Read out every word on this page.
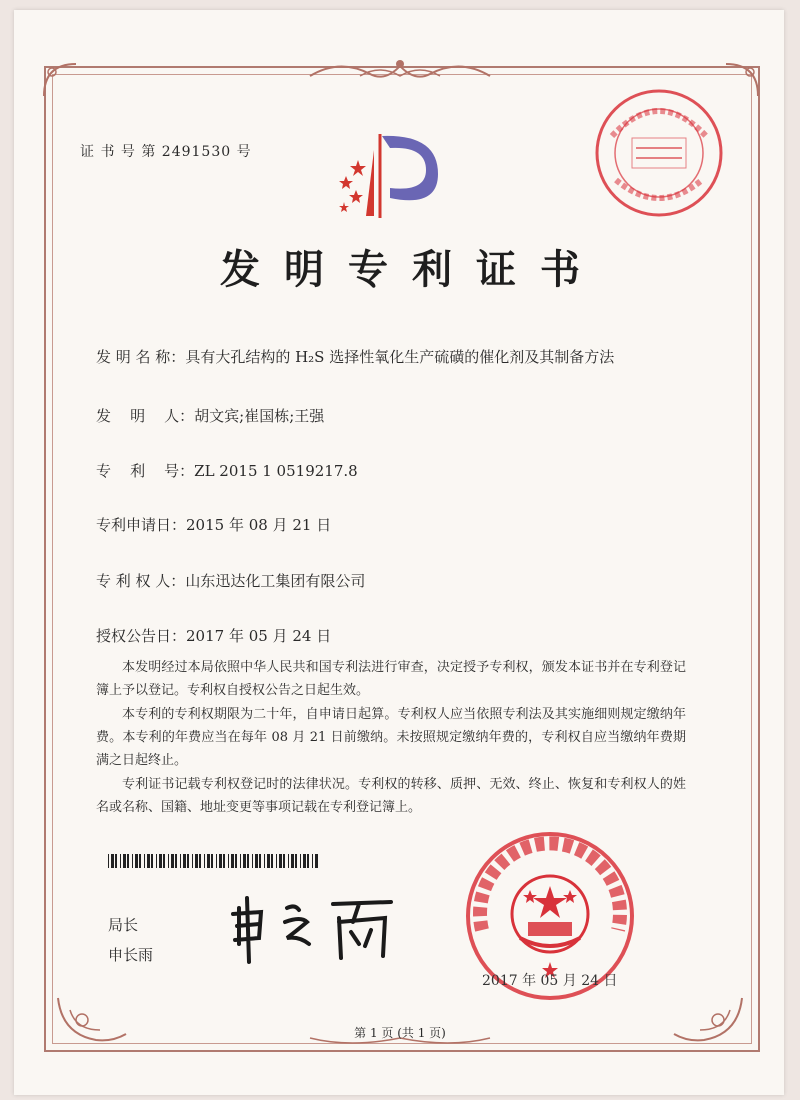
证 书 号 第 2491530 号
发明专利证书
发 明 名 称：具有大孔结构的 H₂S 选择性氧化生产硫磺的催化剂及其制备方法
发    明    人：胡文宾;崔国栋;王强
专    利    号：ZL 2015 1 0519217.8
专利申请日：2015 年 08 月 21 日
专 利 权 人：山东迅达化工集团有限公司
授权公告日：2017 年 05 月 24 日

本发明经过本局依照中华人民共和国专利法进行审查，决定授予专利权，颁发本证书并在专利登记簿上予以登记。专利权自授权公告之日起生效。

本专利的专利权期限为二十年，自申请日起算。专利权人应当依照专利法及其实施细则规定缴纳年费。本专利的年费应当在每年 08 月 21 日前缴纳。未按照规定缴纳年费的，专利权自应当缴纳年费期满之日起终止。

专利证书记载专利权登记时的法律状况。专利权的转移、质押、无效、终止、恢复和专利权人的姓名或名称、国籍、地址变更等事项记载在专利登记簿上。

局长
申长雨
2017 年 05 月 24 日
第 1 页 (共 1 页)
